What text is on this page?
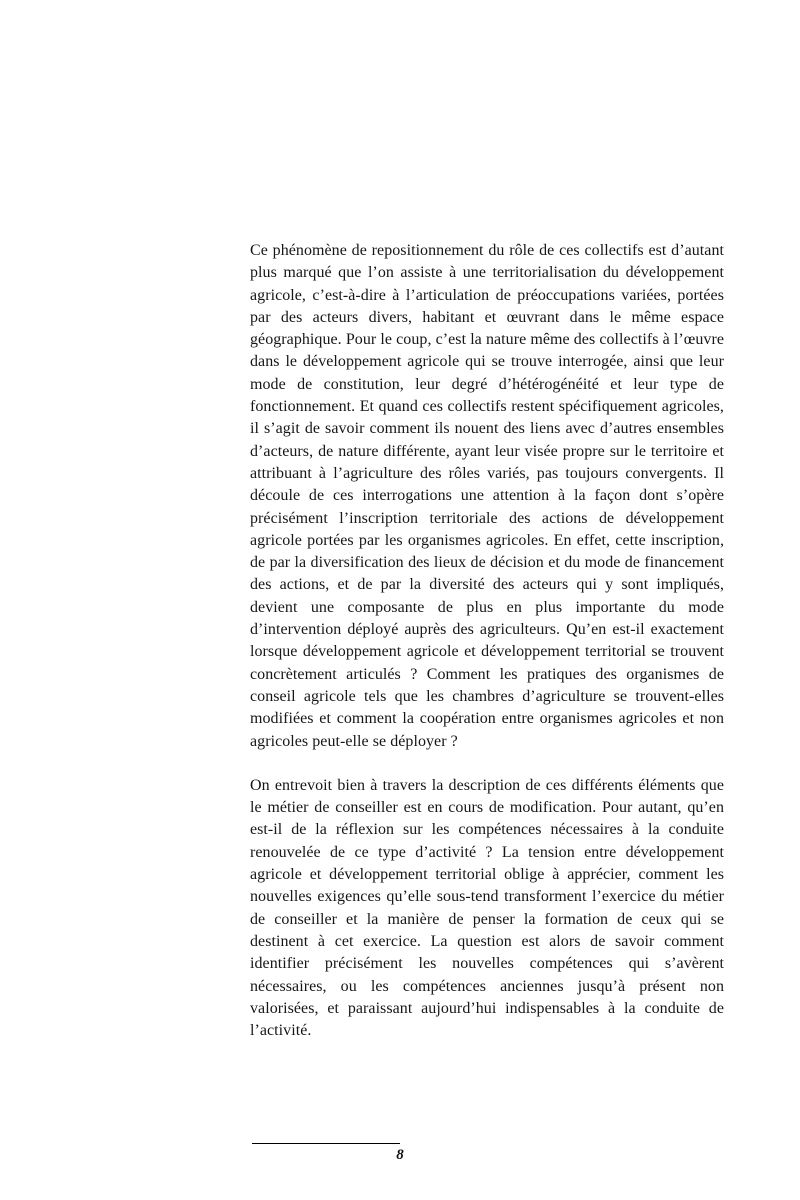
Ce phénomène de repositionnement du rôle de ces collectifs est d’autant plus marqué que l’on assiste à une territorialisation du développement agricole, c’est-à-dire à l’articulation de préoccupations variées, portées par des acteurs divers, habitant et œuvrant dans le même espace géographique. Pour le coup, c’est la nature même des collectifs à l’œuvre dans le développement agricole qui se trouve interrogée, ainsi que leur mode de constitution, leur degré d’hétérogénéité et leur type de fonctionnement. Et quand ces collectifs restent spécifiquement agricoles, il s’agit de savoir comment ils nouent des liens avec d’autres ensembles d’acteurs, de nature différente, ayant leur visée propre sur le territoire et attribuant à l’agriculture des rôles variés, pas toujours convergents. Il découle de ces interrogations une attention à la façon dont s’opère précisément l’inscription territoriale des actions de développement agricole portées par les organismes agricoles. En effet, cette inscription, de par la diversification des lieux de décision et du mode de financement des actions, et de par la diversité des acteurs qui y sont impliqués, devient une composante de plus en plus importante du mode d’intervention déployé auprès des agriculteurs. Qu’en est-il exactement lorsque développement agricole et développement territorial se trouvent concrètement articulés ? Comment les pratiques des organismes de conseil agricole tels que les chambres d’agriculture se trouvent-elles modifiées et comment la coopération entre organismes agricoles et non agricoles peut-elle se déployer ?

On entrevoit bien à travers la description de ces différents éléments que le métier de conseiller est en cours de modification. Pour autant, qu’en est-il de la réflexion sur les compétences nécessaires à la conduite renouvelée de ce type d’activité ? La tension entre développement agricole et développement territorial oblige à apprécier, comment les nouvelles exigences qu’elle sous-tend transforment l’exercice du métier de conseiller et la manière de penser la formation de ceux qui se destinent à cet exercice. La question est alors de savoir comment identifier précisément les nouvelles compétences qui s’avèrent nécessaires, ou les compétences anciennes jusqu’à présent non valorisées, et paraissant aujourd’hui indispensables à la conduite de l’activité.

8
